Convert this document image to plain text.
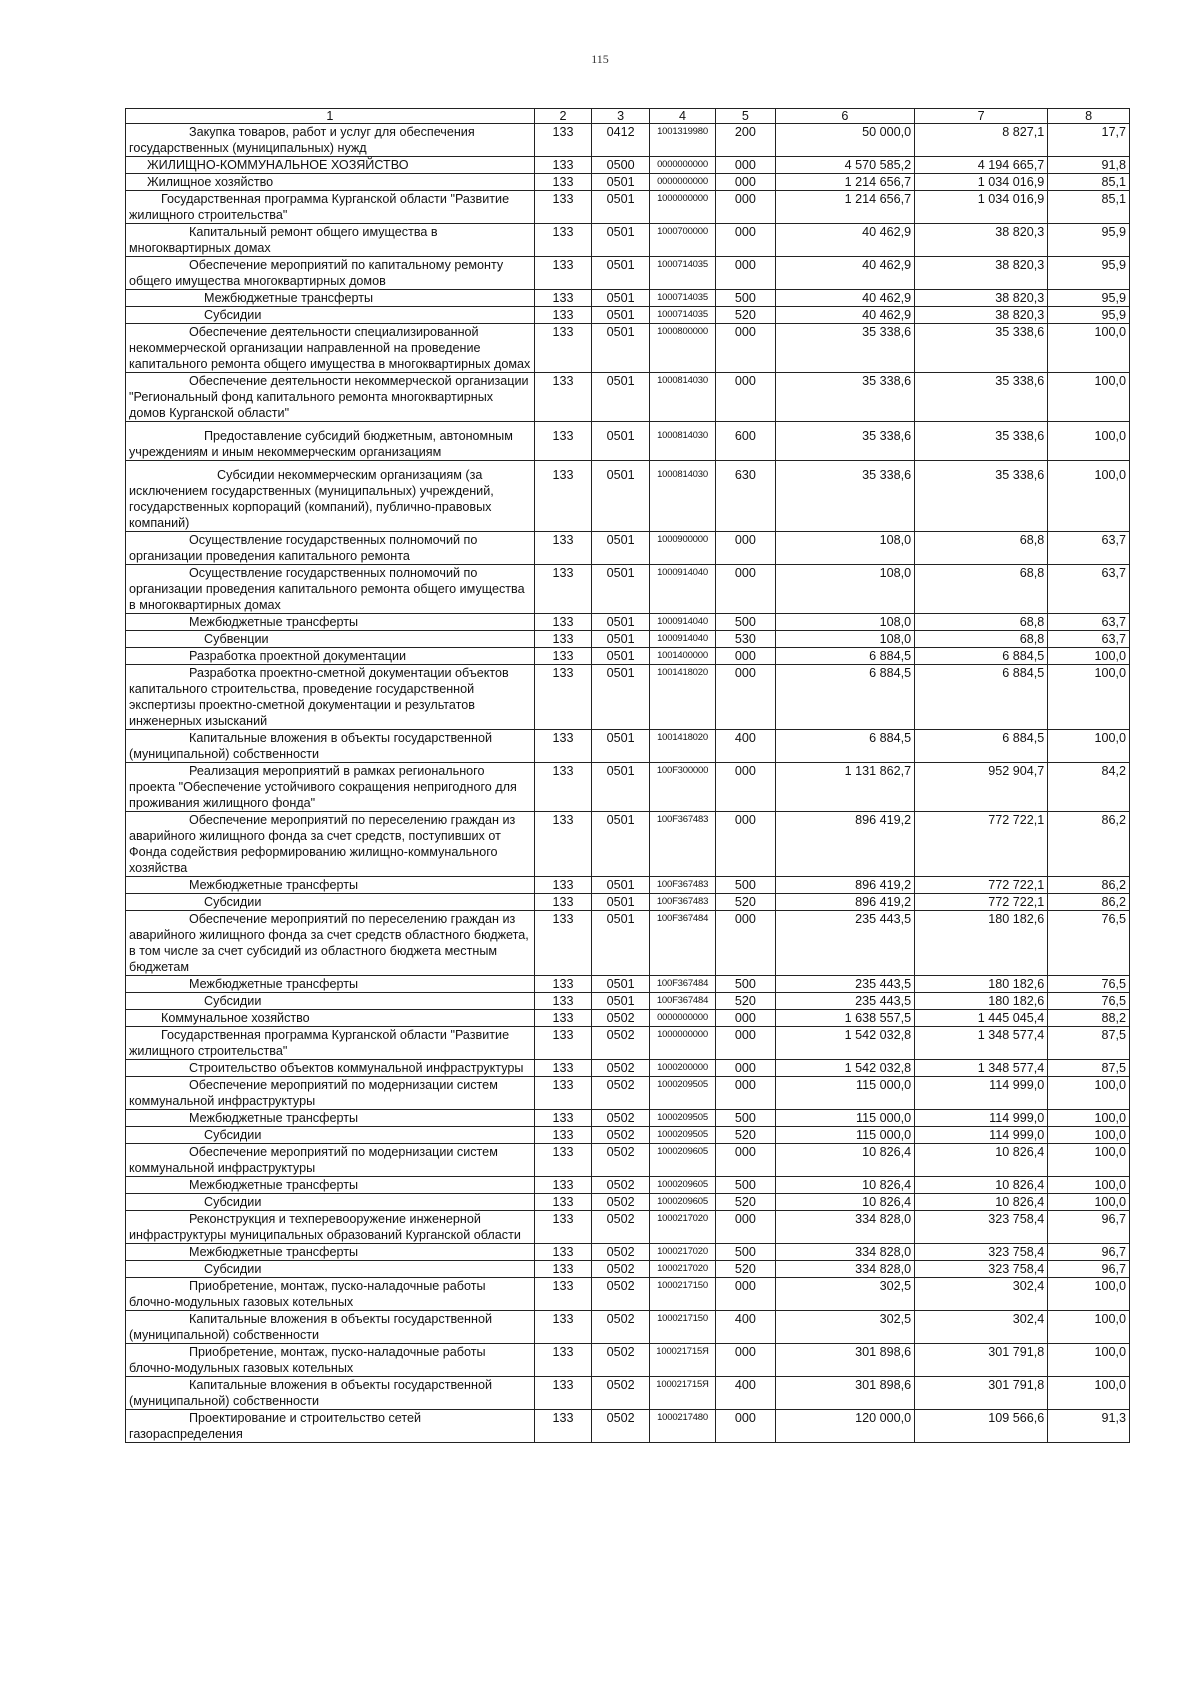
115
1	2	3	4	5	6	7	8

Закупка товаров, работ и услуг для обеспечения государственных (муниципальных) нужд	133	0412	1001319980	200	50 000,0	8 827,1	17,7

ЖИЛИЩНО-КОММУНАЛЬНОЕ ХОЗЯЙСТВО	133	0500	0000000000	000	4 570 585,2	4 194 665,7	91,8

Жилищное хозяйство	133	0501	0000000000	000	1 214 656,7	1 034 016,9	85,1

Государственная программа Курганской области "Развитие жилищного строительства"	133	0501	1000000000	000	1 214 656,7	1 034 016,9	85,1

Капитальный ремонт общего имущества в многоквартирных домах	133	0501	1000700000	000	40 462,9	38 820,3	95,9

Обеспечение мероприятий по капитальному ремонту общего имущества многоквартирных домов	133	0501	1000714035	000	40 462,9	38 820,3	95,9

Межбюджетные трансферты	133	0501	1000714035	500	40 462,9	38 820,3	95,9

Субсидии	133	0501	1000714035	520	40 462,9	38 820,3	95,9

Обеспечение деятельности специализированной некоммерческой организации направленной на проведение капитального ремонта общего имущества в многоквартирных домах	133	0501	1000800000	000	35 338,6	35 338,6	100,0

Обеспечение деятельности некоммерческой организации "Региональный фонд капитального ремонта многоквартирных домов Курганской области"	133	0501	1000814030	000	35 338,6	35 338,6	100,0

Предоставление субсидий бюджетным, автономным учреждениям и иным некоммерческим организациям	133	0501	1000814030	600	35 338,6	35 338,6	100,0

Субсидии некоммерческим организациям (за исключением государственных (муниципальных) учреждений, государственных корпораций (компаний), публично-правовых компаний)	133	0501	1000814030	630	35 338,6	35 338,6	100,0

Осуществление государственных полномочий по организации проведения капитального ремонта	133	0501	1000900000	000	108,0	68,8	63,7

Осуществление государственных полномочий по организации проведения капитального ремонта общего имущества в многоквартирных домах	133	0501	1000914040	000	108,0	68,8	63,7

Межбюджетные трансферты	133	0501	1000914040	500	108,0	68,8	63,7

Субвенции	133	0501	1000914040	530	108,0	68,8	63,7

Разработка проектной документации	133	0501	1001400000	000	6 884,5	6 884,5	100,0

Разработка проектно-сметной документации объектов капитального строительства, проведение государственной экспертизы проектно-сметной документации и результатов инженерных изысканий	133	0501	1001418020	000	6 884,5	6 884,5	100,0

Капитальные вложения в объекты государственной (муниципальной) собственности	133	0501	1001418020	400	6 884,5	6 884,5	100,0

Реализация мероприятий в рамках регионального проекта "Обеспечение устойчивого сокращения непригодного для проживания жилищного фонда"	133	0501	100F300000	000	1 131 862,7	952 904,7	84,2

Обеспечение мероприятий по переселению граждан из аварийного жилищного фонда за счет средств, поступивших от Фонда содействия реформированию жилищно-коммунального хозяйства	133	0501	100F367483	000	896 419,2	772 722,1	86,2

Межбюджетные трансферты	133	0501	100F367483	500	896 419,2	772 722,1	86,2

Субсидии	133	0501	100F367483	520	896 419,2	772 722,1	86,2

Обеспечение мероприятий по переселению граждан из аварийного жилищного фонда за счет средств областного бюджета, в том числе за счет субсидий из областного бюджета местным бюджетам	133	0501	100F367484	000	235 443,5	180 182,6	76,5

Межбюджетные трансферты	133	0501	100F367484	500	235 443,5	180 182,6	76,5

Субсидии	133	0501	100F367484	520	235 443,5	180 182,6	76,5

Коммунальное хозяйство	133	0502	0000000000	000	1 638 557,5	1 445 045,4	88,2

Государственная программа Курганской области "Развитие жилищного строительства"	133	0502	1000000000	000	1 542 032,8	1 348 577,4	87,5

Строительство объектов коммунальной инфраструктуры	133	0502	1000200000	000	1 542 032,8	1 348 577,4	87,5

Обеспечение мероприятий по модернизации систем коммунальной инфраструктуры	133	0502	1000209505	000	115 000,0	114 999,0	100,0

Межбюджетные трансферты	133	0502	1000209505	500	115 000,0	114 999,0	100,0

Субсидии	133	0502	1000209505	520	115 000,0	114 999,0	100,0

Обеспечение мероприятий по модернизации систем коммунальной инфраструктуры	133	0502	1000209605	000	10 826,4	10 826,4	100,0

Межбюджетные трансферты	133	0502	1000209605	500	10 826,4	10 826,4	100,0

Субсидии	133	0502	1000209605	520	10 826,4	10 826,4	100,0

Реконструкция и техперевооружение инженерной инфраструктуры муниципальных образований Курганской области	133	0502	1000217020	000	334 828,0	323 758,4	96,7

Межбюджетные трансферты	133	0502	1000217020	500	334 828,0	323 758,4	96,7

Субсидии	133	0502	1000217020	520	334 828,0	323 758,4	96,7

Приобретение, монтаж, пуско-наладочные работы блочно-модульных газовых котельных	133	0502	1000217150	000	302,5	302,4	100,0

Капитальные вложения в объекты государственной (муниципальной) собственности	133	0502	1000217150	400	302,5	302,4	100,0

Приобретение, монтаж, пуско-наладочные работы блочно-модульных газовых котельных	133	0502	100021715Я	000	301 898,6	301 791,8	100,0

Капитальные вложения в объекты государственной (муниципальной) собственности	133	0502	100021715Я	400	301 898,6	301 791,8	100,0

Проектирование и строительство сетей газораспределения	133	0502	1000217480	000	120 000,0	109 566,6	91,3
